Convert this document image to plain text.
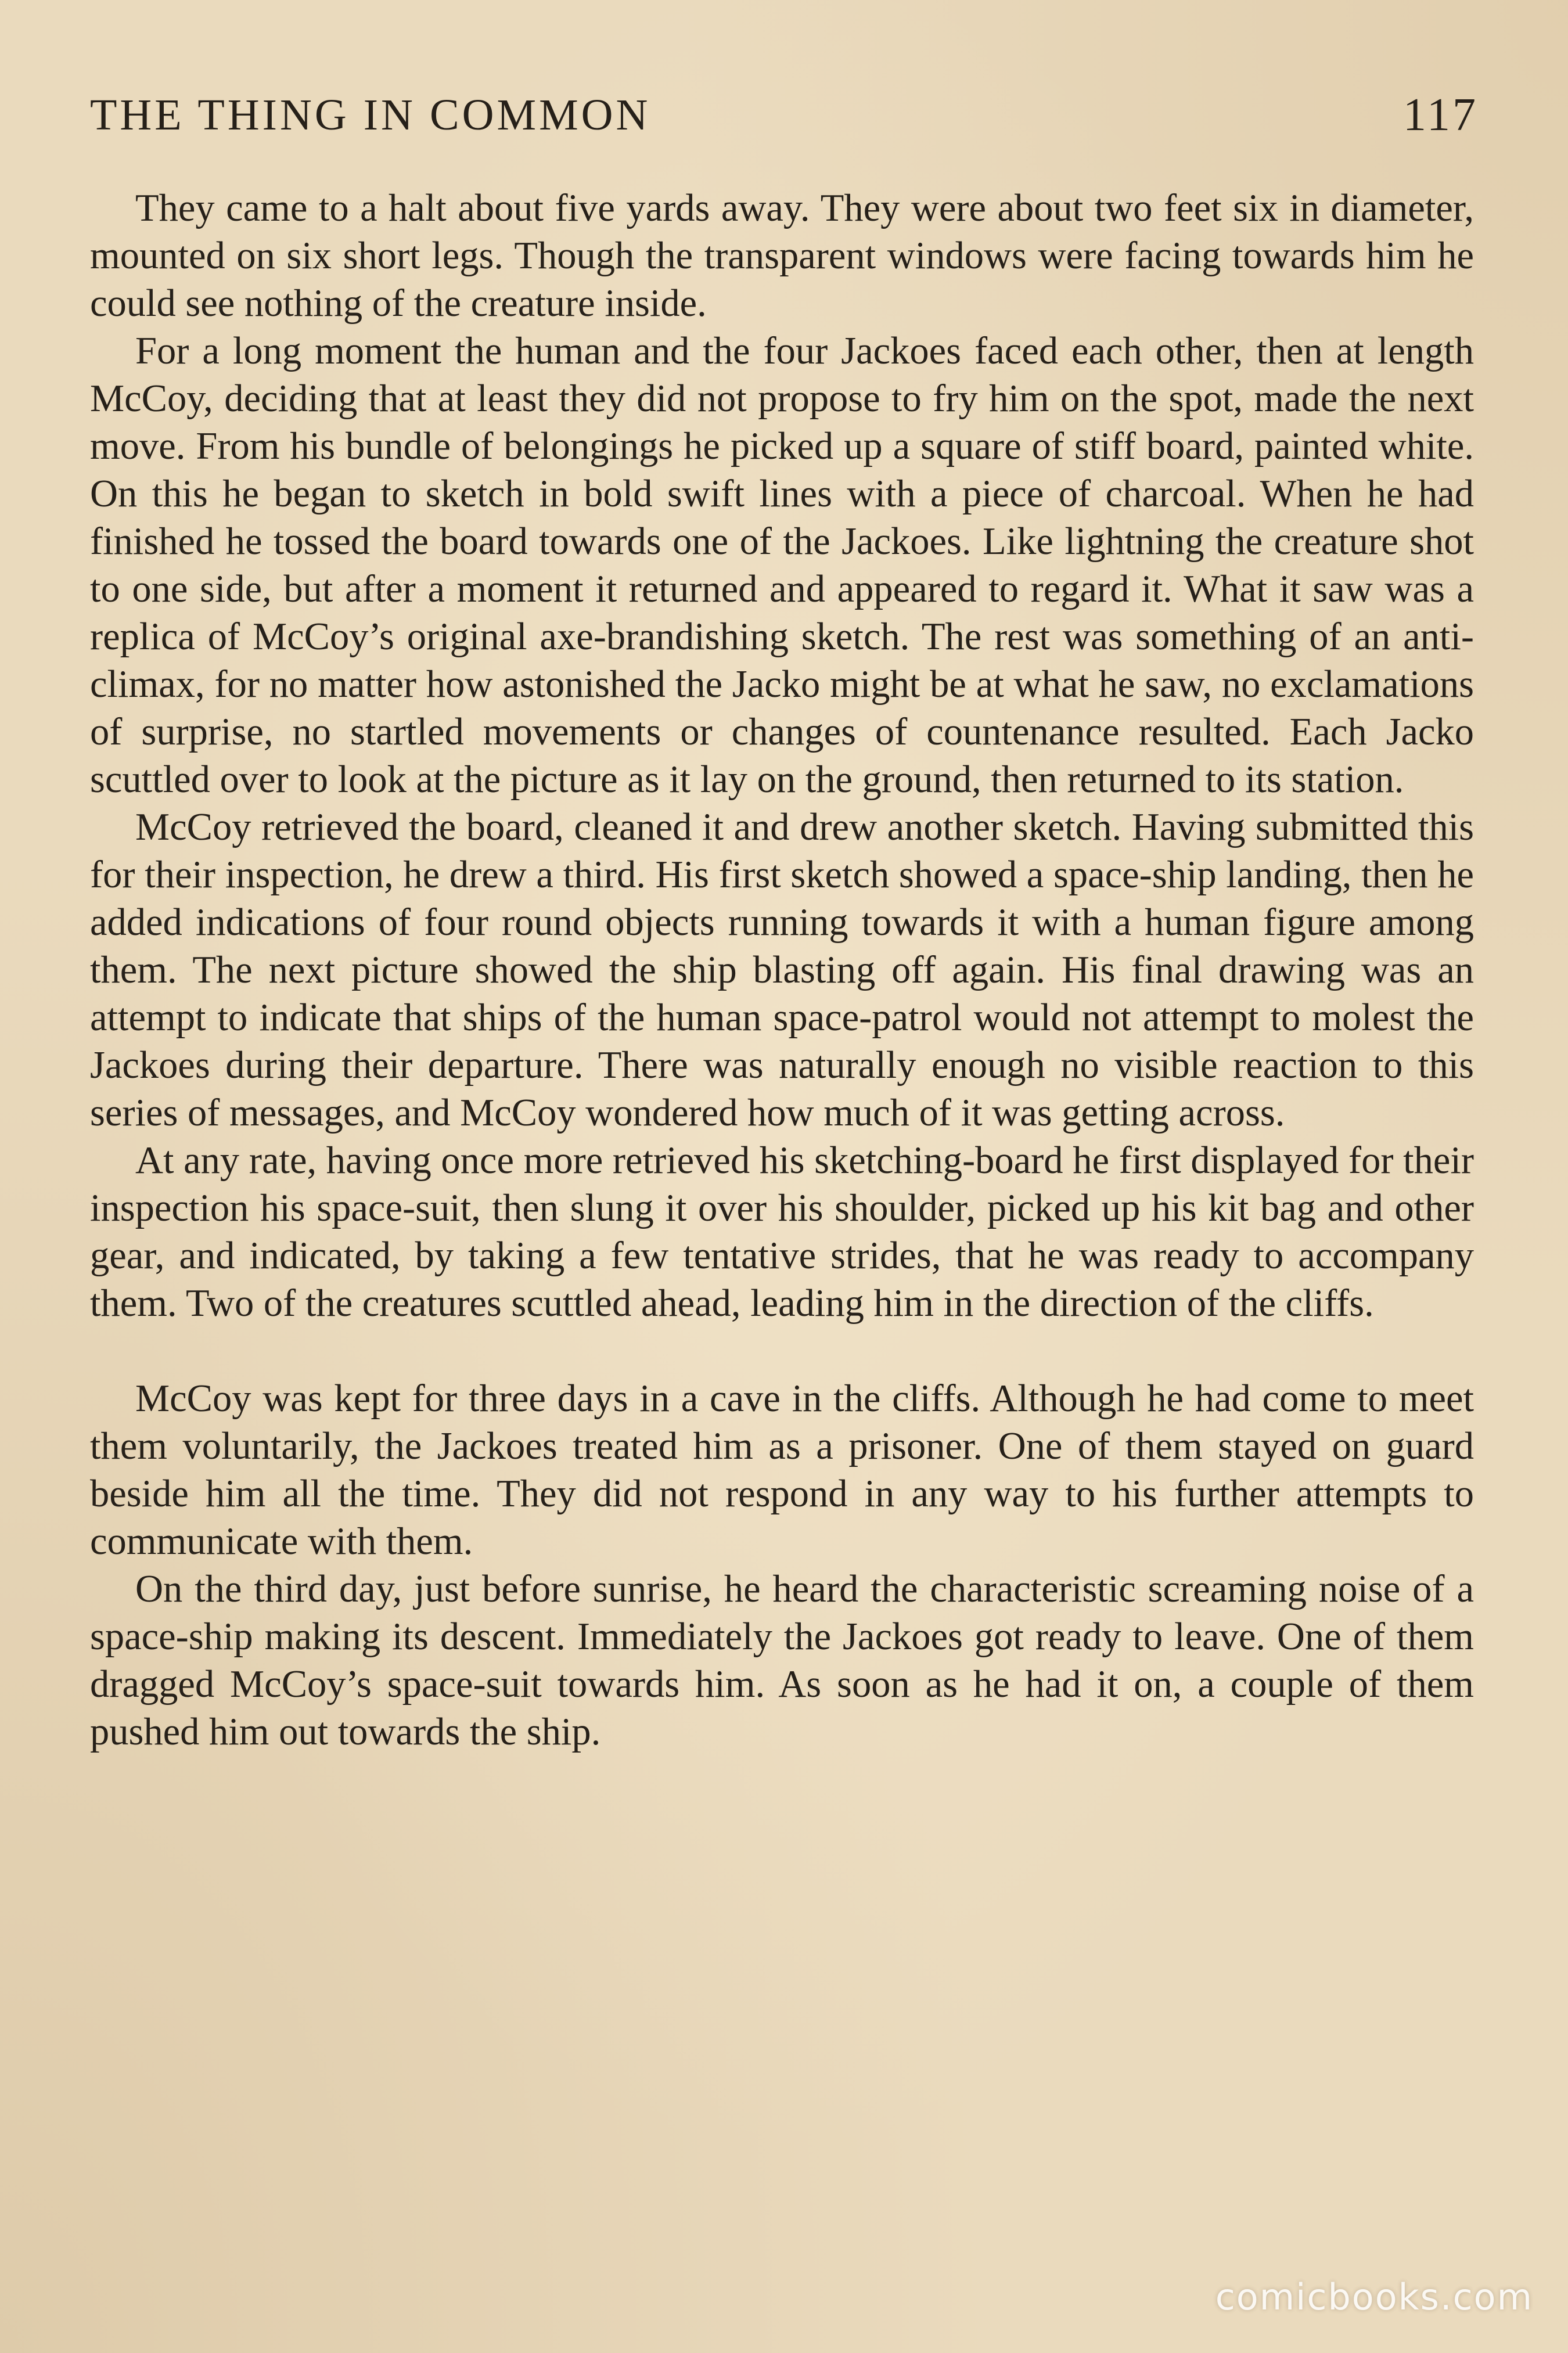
THE THING IN COMMON	117

They came to a halt about five yards away. They were about two feet six in diameter, mounted on six short legs. Though the transparent windows were facing towards him he could see nothing of the creature inside.

For a long moment the human and the four Jackoes faced each other, then at length McCoy, deciding that at least they did not propose to fry him on the spot, made the next move. From his bundle of belongings he picked up a square of stiff board, painted white. On this he began to sketch in bold swift lines with a piece of charcoal. When he had finished he tossed the board towards one of the Jackoes. Like lightning the creature shot to one side, but after a moment it returned and appeared to regard it. What it saw was a replica of McCoy’s original axe-brandishing sketch. The rest was something of an anti-climax, for no matter how astonished the Jacko might be at what he saw, no exclamations of surprise, no startled movements or changes of countenance resulted. Each Jacko scuttled over to look at the picture as it lay on the ground, then returned to its station.

McCoy retrieved the board, cleaned it and drew another sketch. Having submitted this for their inspection, he drew a third. His first sketch showed a space-ship landing, then he added indications of four round objects running towards it with a human figure among them. The next picture showed the ship blasting off again. His final drawing was an attempt to indicate that ships of the human space-patrol would not attempt to molest the Jackoes during their departure. There was naturally enough no visible reaction to this series of messages, and McCoy wondered how much of it was getting across.

At any rate, having once more retrieved his sketching-board he first displayed for their inspection his space-suit, then slung it over his shoulder, picked up his kit bag and other gear, and indicated, by taking a few tentative strides, that he was ready to accompany them. Two of the creatures scuttled ahead, leading him in the direction of the cliffs.

McCoy was kept for three days in a cave in the cliffs. Although he had come to meet them voluntarily, the Jackoes treated him as a prisoner. One of them stayed on guard beside him all the time. They did not respond in any way to his further attempts to communicate with them.

On the third day, just before sunrise, he heard the characteristic screaming noise of a space-ship making its descent. Immediately the Jackoes got ready to leave. One of them dragged McCoy’s space-suit towards him. As soon as he had it on, a couple of them pushed him out towards the ship.

comicbooks.com
